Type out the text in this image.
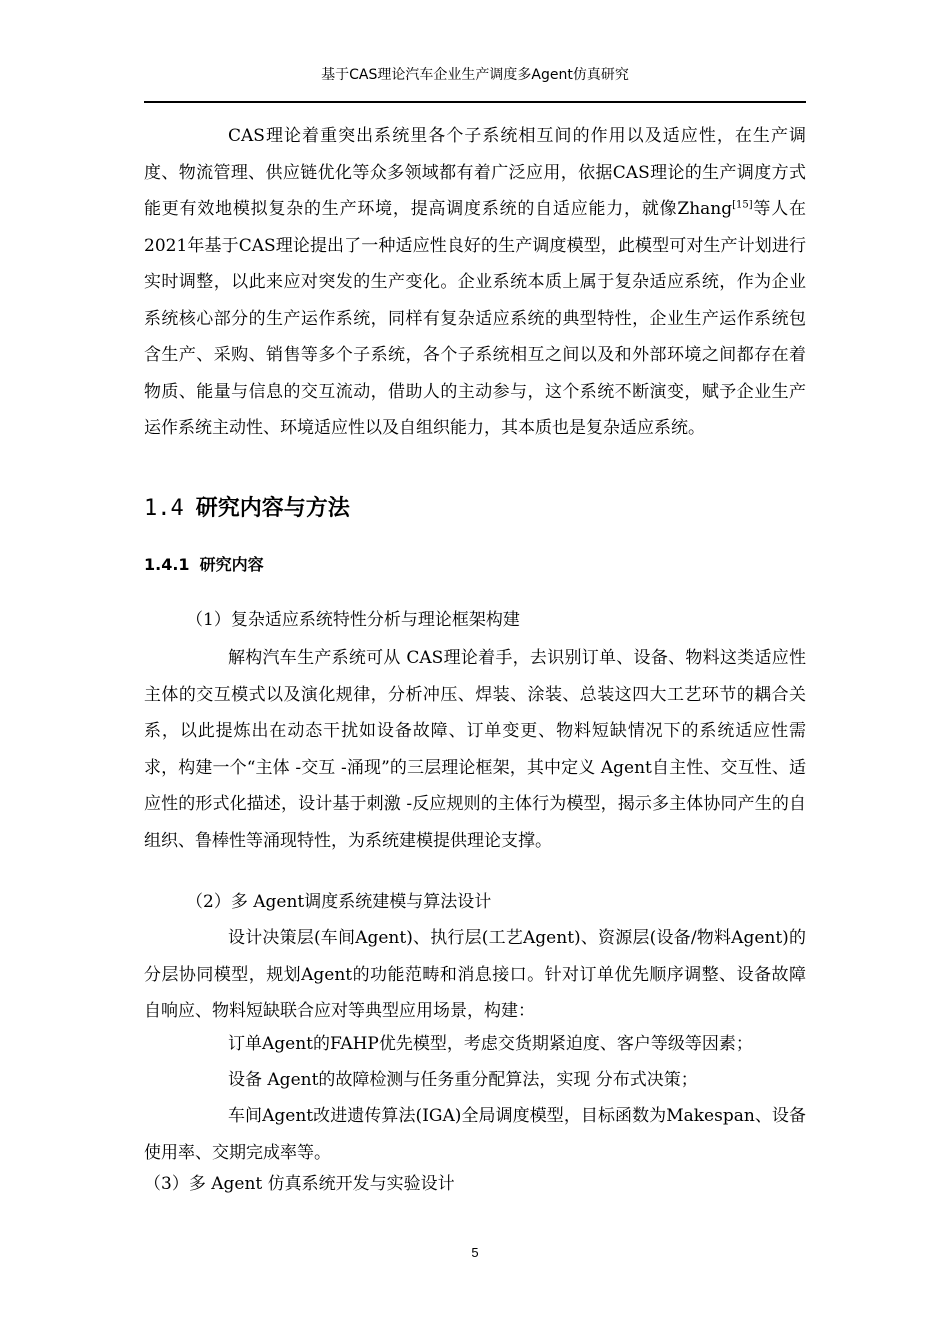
基于CAS理论汽车企业生产调度多Agent仿真研究

CAS理论着重突出系统里各个子系统相互间的作用以及适应性，在生产调度、物流管理、供应链优化等众多领域都有着广泛应用，依据CAS理论的生产调度方式能更有效地模拟复杂的生产环境，提高调度系统的自适应能力，就像Zhang[15]等人在2021年基于CAS理论提出了一种适应性良好的生产调度模型，此模型可对生产计划进行实时调整，以此来应对突发的生产变化。企业系统本质上属于复杂适应系统，作为企业系统核心部分的生产运作系统，同样有复杂适应系统的典型特性，企业生产运作系统包含生产、采购、销售等多个子系统，各个子系统相互之间以及和外部环境之间都存在着物质、能量与信息的交互流动，借助人的主动参与，这个系统不断演变，赋予企业生产运作系统主动性、环境适应性以及自组织能力，其本质也是复杂适应系统。

1.4 研究内容与方法
1.4.1 研究内容

（1）复杂适应系统特性分析与理论框架构建

解构汽车生产系统可从 CAS理论着手，去识别订单、设备、物料这类适应性主体的交互模式以及演化规律，分析冲压、焊装、涂装、总装这四大工艺环节的耦合关系，以此提炼出在动态干扰如设备故障、订单变更、物料短缺情况下的系统适应性需求，构建一个“主体 -交互 -涌现”的三层理论框架，其中定义 Agent自主性、交互性、适应性的形式化描述，设计基于刺激 -反应规则的主体行为模型，揭示多主体协同产生的自组织、鲁棒性等涌现特性，为系统建模提供理论支撑。

（2）多 Agent调度系统建模与算法设计

设计决策层(车间Agent)、执行层(工艺Agent)、资源层(设备/物料Agent)的分层协同模型，规划Agent的功能范畴和消息接口。针对订单优先顺序调整、设备故障自响应、物料短缺联合应对等典型应用场景，构建：

订单Agent的FAHP优先模型，考虑交货期紧迫度、客户等级等因素；

设备 Agent的故障检测与任务重分配算法，实现 分布式决策；

车间Agent改进遗传算法(IGA)全局调度模型，目标函数为Makespan、设备使用率、交期完成率等。

（3）多 Agent 仿真系统开发与实验设计

5
